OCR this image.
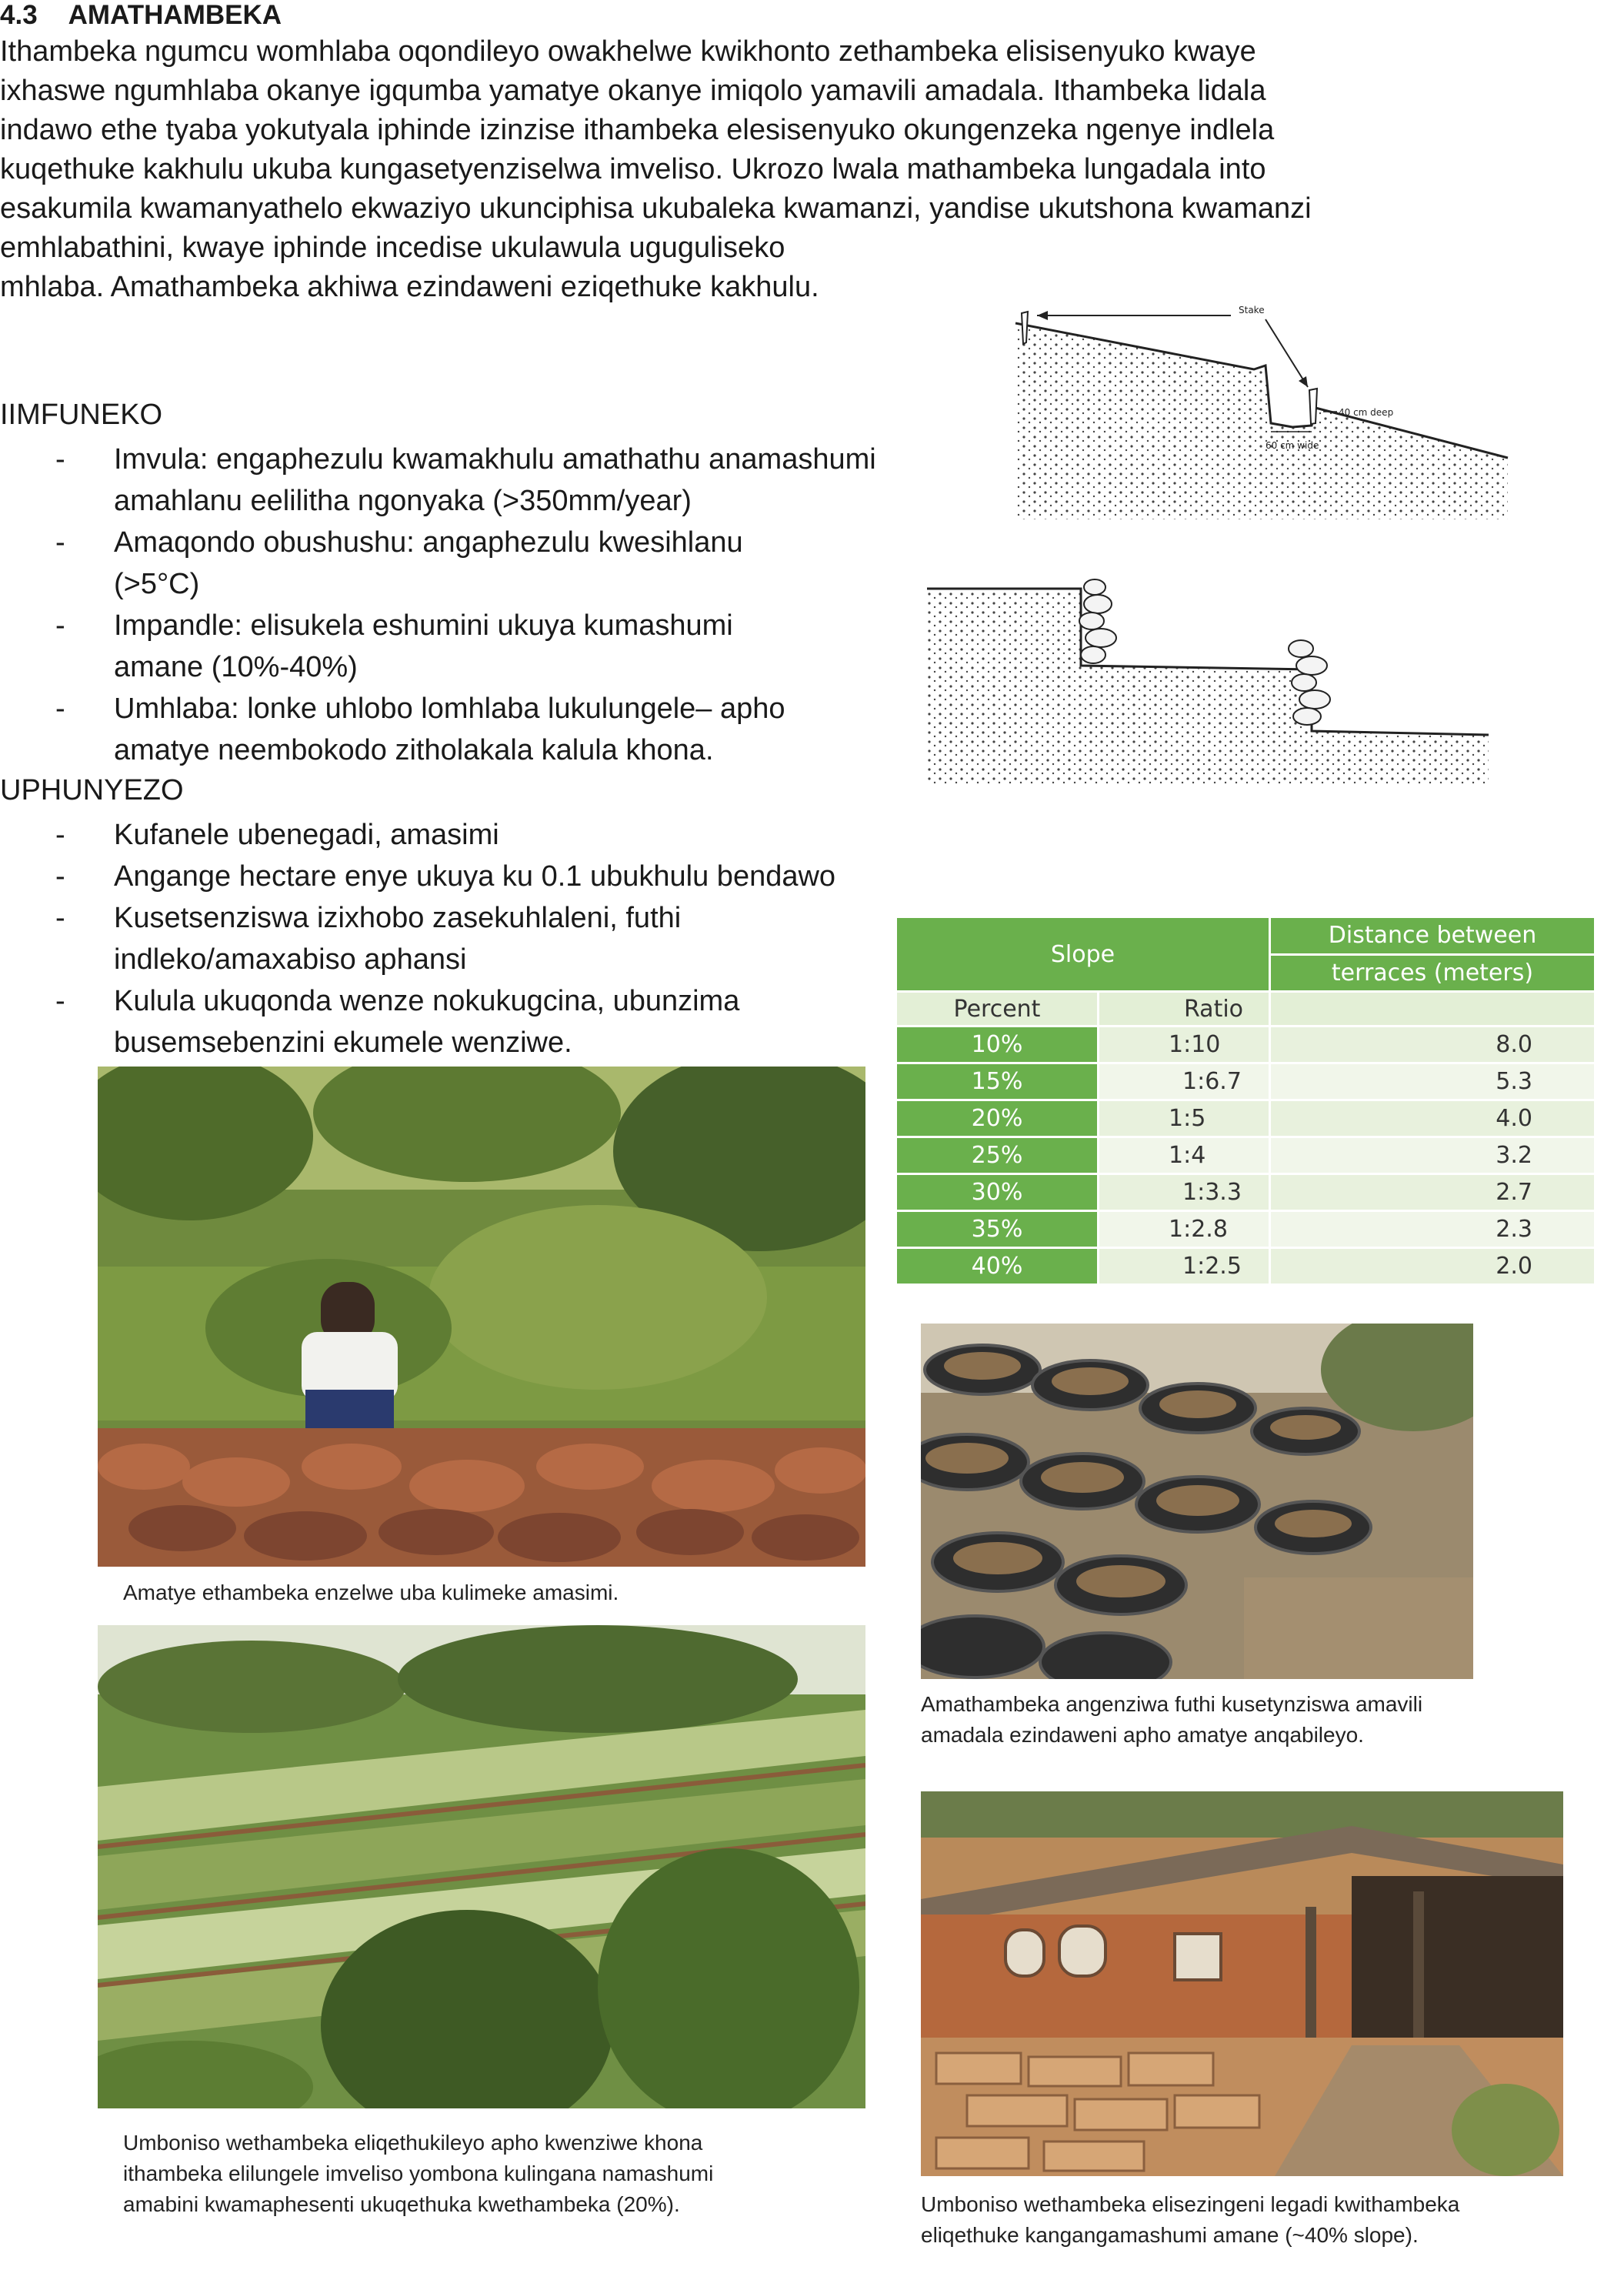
4.3 AMATHAMBEKA
Ithambeka ngumcu womhlaba oqondileyo owakhelwe kwikhonto zethambeka elisisenyuko kwaye
ixhaswe ngumhlaba okanye igqumba yamatye okanye imiqolo yamavili amadala. Ithambeka lidala
indawo ethe tyaba yokutyala iphinde izinzise ithambeka elesisenyuko okungenzeka ngenye indlela
kuqethuke kakhulu ukuba kungasetyenziselwa imveliso. Ukrozo lwala mathambeka lungadala into
esakumila kwamanyathelo ekwaziyo ukunciphisa ukubaleka kwamanzi, yandise ukutshona kwamanzi
emhlabathini, kwaye iphinde incedise ukulawula uguguliseko
mhlaba. Amathambeka akhiwa ezindaweni eziqethuke kakhulu.
IIMFUNEKO
- Imvula: engaphezulu kwamakhulu amathathu anamashumi
amahlanu eelilitha ngonyaka (>350mm/year)
- Amaqondo obushushu: angaphezulu kwesihlanu
(>5°C)
- Impandle: elisukela eshumini ukuya kumashumi
amane (10%-40%)
- Umhlaba: lonke uhlobo lomhlaba lukulungele– apho
amatye neembokodo zitholakala kalula khona.
UPHUNYEZO
- Kufanele ubenegadi, amasimi
- Angange hectare enye ukuya ku 0.1 ubukhulu bendawo
- Kusetsenziswa izixhobo zasekuhlaleni, futhi
indleko/amaxabiso aphansi
- Kulula ukuqonda wenze nokukugcina, ubunzima
busemsebenzini ekumele wenziwe.
Stake
40 cm deep
60 cm wide
Slope		Distance between
		terraces (meters)
Percent	Ratio	
10%	1:10	8.0
15%	1:6.7	5.3
20%	1:5	4.0
25%	1:4	3.2
30%	1:3.3	2.7
35%	1:2.8	2.3
40%	1:2.5	2.0
Amatye ethambeka enzelwe uba kulimeke amasimi.
Amathambeka angenziwa futhi kusetynziswa amavili
amadala ezindaweni apho amatye anqabileyo.
Umboniso wethambeka eliqethukileyo apho kwenziwe khona
ithambeka elilungele imveliso yombona kulingana namashumi
amabini kwamaphesenti ukuqethuka kwethambeka (20%).	Umboniso wethambeka elisezingeni legadi kwithambeka
eliqethuke kangangamashumi amane (~40% slope).
